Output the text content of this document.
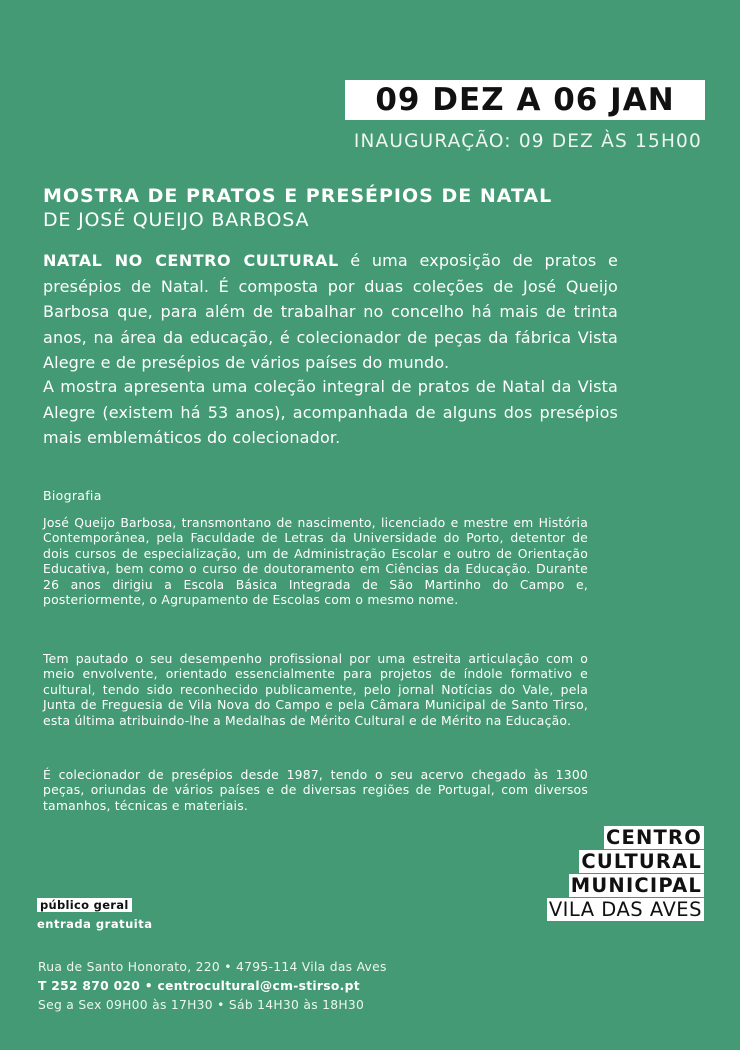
09 DEZ A 06 JAN
INAUGURAÇÃO: 09 DEZ ÀS 15H00
MOSTRA DE PRATOS E PRESÉPIOS DE NATAL
DE JOSÉ QUEIJO BARBOSA

NATAL NO CENTRO CULTURAL é uma exposição de pratos e presépios de Natal. É composta por duas coleções de José Queijo Barbosa que, para além de trabalhar no concelho há mais de trinta anos, na área da educação, é colecionador de peças da fábrica Vista Alegre e de presépios de vários países do mundo.

A mostra apresenta uma coleção integral de pratos de Natal da Vista Alegre (existem há 53 anos), acompanhada de alguns dos presépios mais emblemáticos do colecionador.

Biografia

José Queijo Barbosa, transmontano de nascimento, licenciado e mestre em História Contemporânea, pela Faculdade de Letras da Universidade do Porto, detentor de dois cursos de especialização, um de Administração Escolar e outro de Orientação Educativa, bem como o curso de doutoramento em Ciências da Educação. Durante 26 anos dirigiu a Escola Básica Integrada de São Martinho do Campo e, posteriormente, o Agrupamento de Escolas com o mesmo nome.

Tem pautado o seu desempenho profissional por uma estreita articulação com o meio envolvente, orientado essencialmente para projetos de índole formativo e cultural, tendo sido reconhecido publicamente, pelo jornal Notícias do Vale, pela Junta de Freguesia de Vila Nova do Campo e pela Câmara Municipal de Santo Tirso, esta última atribuindo-lhe a Medalhas de Mérito Cultural e de Mérito na Educação.

É colecionador de presépios desde 1987, tendo o seu acervo chegado às 1300 peças, oriundas de vários países e de diversas regiões de Portugal, com diversos tamanhos, técnicas e materiais.

CENTRO
CULTURAL
MUNICIPAL
VILA DAS AVES
público geral
entrada gratuita
Rua de Santo Honorato, 220 • 4795-114 Vila das Aves
T 252 870 020 • centrocultural@cm-stirso.pt
Seg a Sex 09H00 às 17H30 • Sáb 14H30 às 18H30
